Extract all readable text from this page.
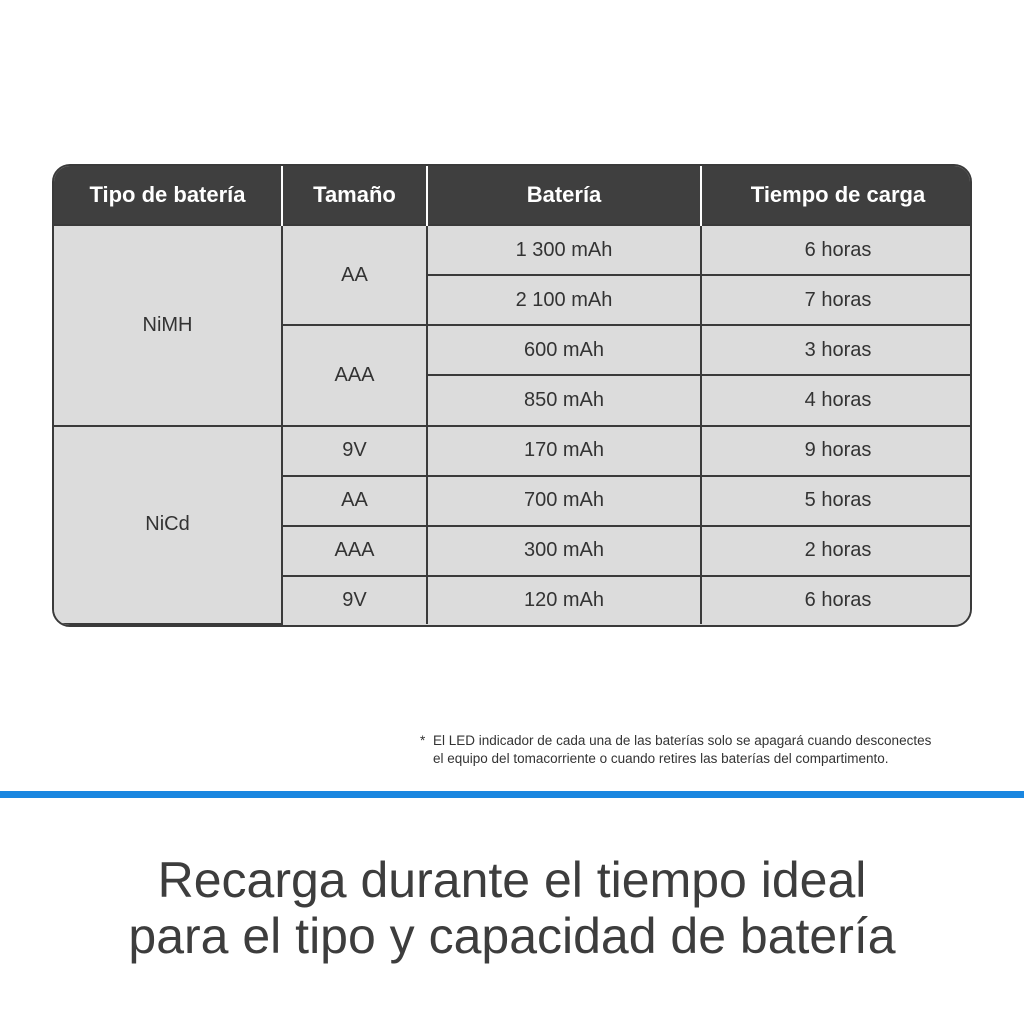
Tipo de batería	Tamaño	Batería	Tiempo de carga
NiMH	AA	1 300 mAh	6 horas
		2 100 mAh	7 horas
	AAA	600 mAh	3 horas
		850 mAh	4 horas
NiCd	9V	170 mAh	9 horas
	AA	700 mAh	5 horas
	AAA	300 mAh	2 horas
	9V	120 mAh	6 horas
* El LED indicador de cada una de las baterías solo se apagará cuando desconectes
el equipo del tomacorriente o cuando retires las baterías del compartimento.
Recarga durante el tiempo ideal
para el tipo y capacidad de batería
